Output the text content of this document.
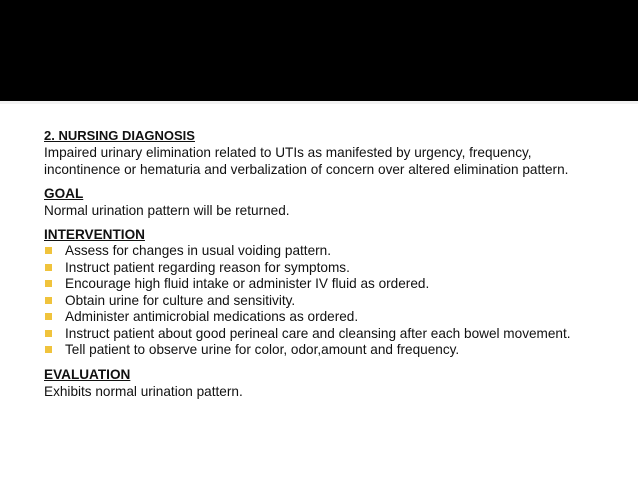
2. NURSING DIAGNOSIS

Impaired urinary elimination related to UTIs as manifested by urgency, frequency, incontinence or hematuria and verbalization of concern over altered elimination pattern.

GOAL

Normal urination pattern will be returned.

INTERVENTION
Assess for changes in usual voiding pattern.
Instruct patient regarding reason for symptoms.
Encourage high fluid intake or administer IV fluid as ordered.
Obtain urine for culture and sensitivity.
Administer antimicrobial medications as ordered.
Instruct patient about good perineal care and cleansing after each bowel movement.
Tell patient to observe urine for color, odor,amount and frequency.
EVALUATION

Exhibits normal urination pattern.
